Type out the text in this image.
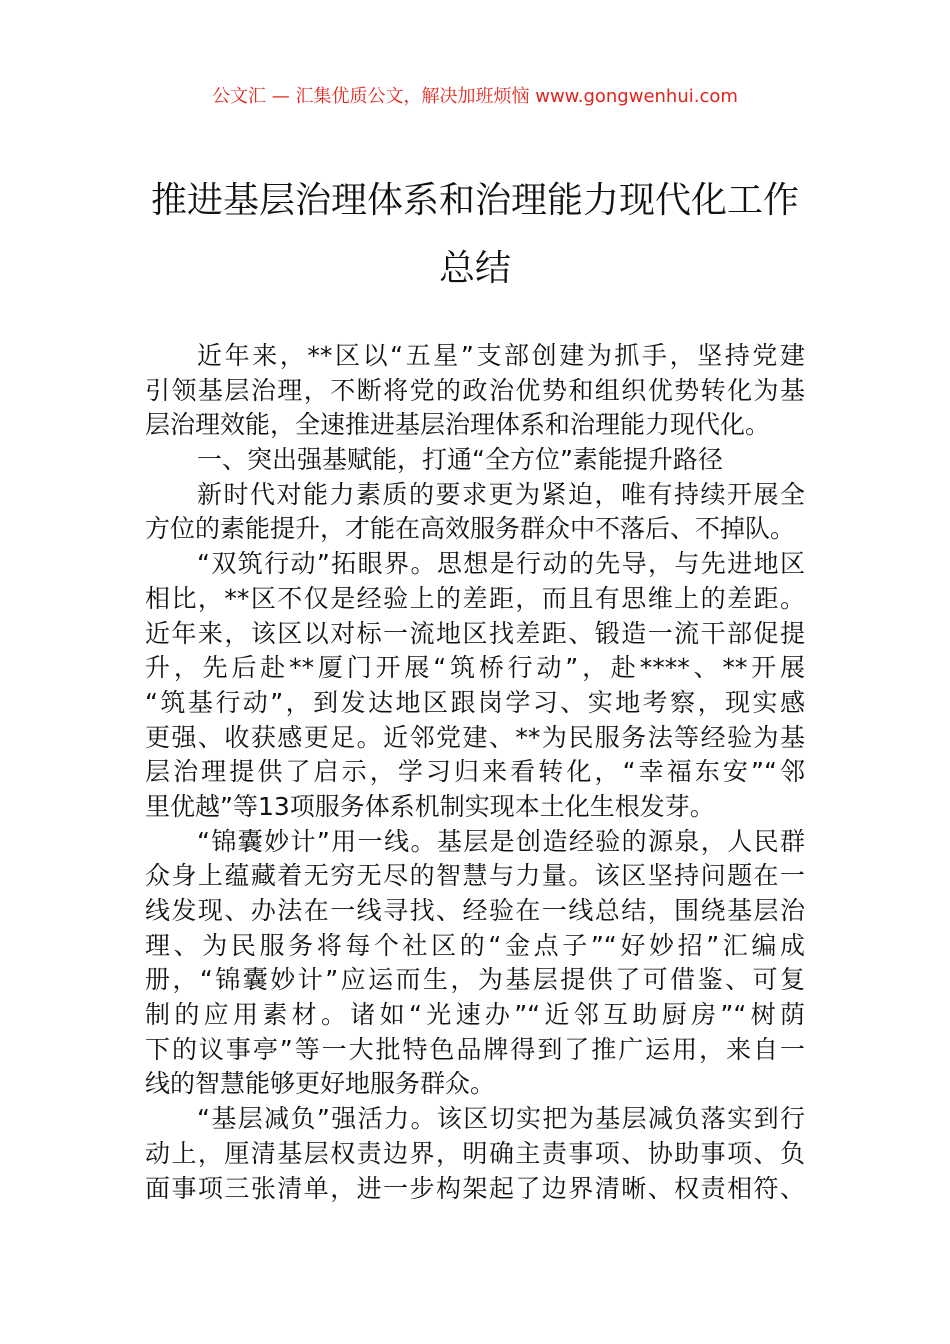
公文汇 — 汇集优质公文，解决加班烦恼 www.gongwenhui.com
推进基层治理体系和治理能力现代化工作
总结
近年来，**区以“五星”支部创建为抓手，坚持党建
引领基层治理，不断将党的政治优势和组织优势转化为基
层治理效能，全速推进基层治理体系和治理能力现代化。
一、突出强基赋能，打通“全方位”素能提升路径
新时代对能力素质的要求更为紧迫，唯有持续开展全
方位的素能提升，才能在高效服务群众中不落后、不掉队。
“双筑行动”拓眼界。思想是行动的先导，与先进地区
相比，**区不仅是经验上的差距，而且有思维上的差距。
近年来，该区以对标一流地区找差距、锻造一流干部促提
升，先后赴**厦门开展“筑桥行动”，赴****、**开展
“筑基行动”，到发达地区跟岗学习、实地考察，现实感
更强、收获感更足。近邻党建、**为民服务法等经验为基
层治理提供了启示，学习归来看转化，“幸福东安”“邻
里优越”等13项服务体系机制实现本土化生根发芽。
“锦囊妙计”用一线。基层是创造经验的源泉，人民群
众身上蕴藏着无穷无尽的智慧与力量。该区坚持问题在一
线发现、办法在一线寻找、经验在一线总结，围绕基层治
理、为民服务将每个社区的“金点子”“好妙招”汇编成
册，“锦囊妙计”应运而生，为基层提供了可借鉴、可复
制的应用素材。诸如“光速办”“近邻互助厨房”“树荫
下的议事亭”等一大批特色品牌得到了推广运用，来自一
线的智慧能够更好地服务群众。
“基层减负”强活力。该区切实把为基层减负落实到行
动上，厘清基层权责边界，明确主责事项、协助事项、负
面事项三张清单，进一步构架起了边界清晰、权责相符、
